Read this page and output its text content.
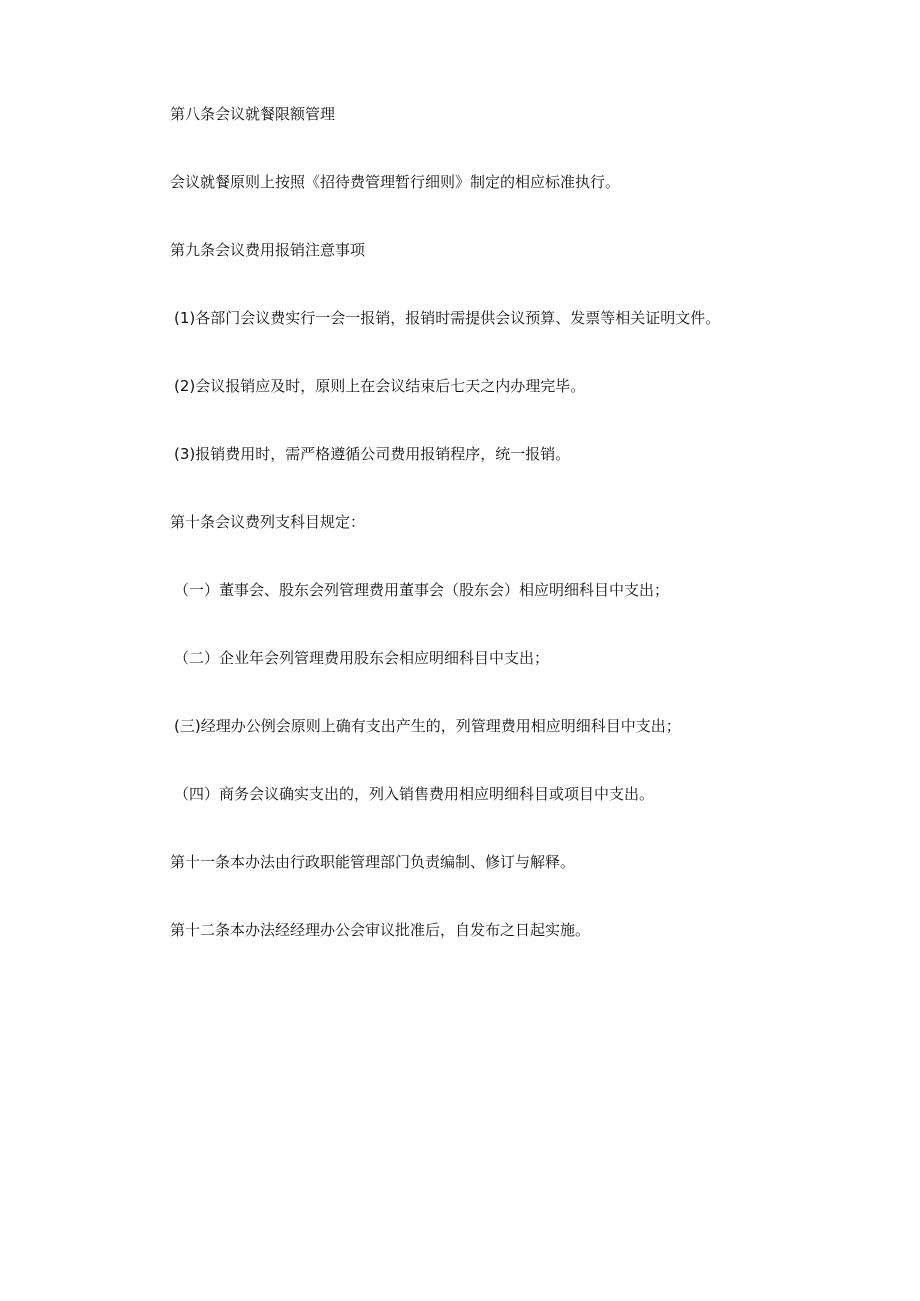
第八条会议就餐限额管理

会议就餐原则上按照《招待费管理暂行细则》制定的相应标准执行。

第九条会议费用报销注意事项

(1)各部门会议费实行一会一报销，报销时需提供会议预算、发票等相关证明文件。

(2)会议报销应及时，原则上在会议结束后七天之内办理完毕。

(3)报销费用时，需严格遵循公司费用报销程序，统一报销。

第十条会议费列支科目规定：

（一）董事会、股东会列管理费用董事会（股东会）相应明细科目中支出；

（二）企业年会列管理费用股东会相应明细科目中支出；

(三)经理办公例会原则上确有支出产生的，列管理费用相应明细科目中支出；

（四）商务会议确实支出的，列入销售费用相应明细科目或项目中支出。

第十一条本办法由行政职能管理部门负责编制、修订与解释。

第十二条本办法经经理办公会审议批准后，自发布之日起实施。
